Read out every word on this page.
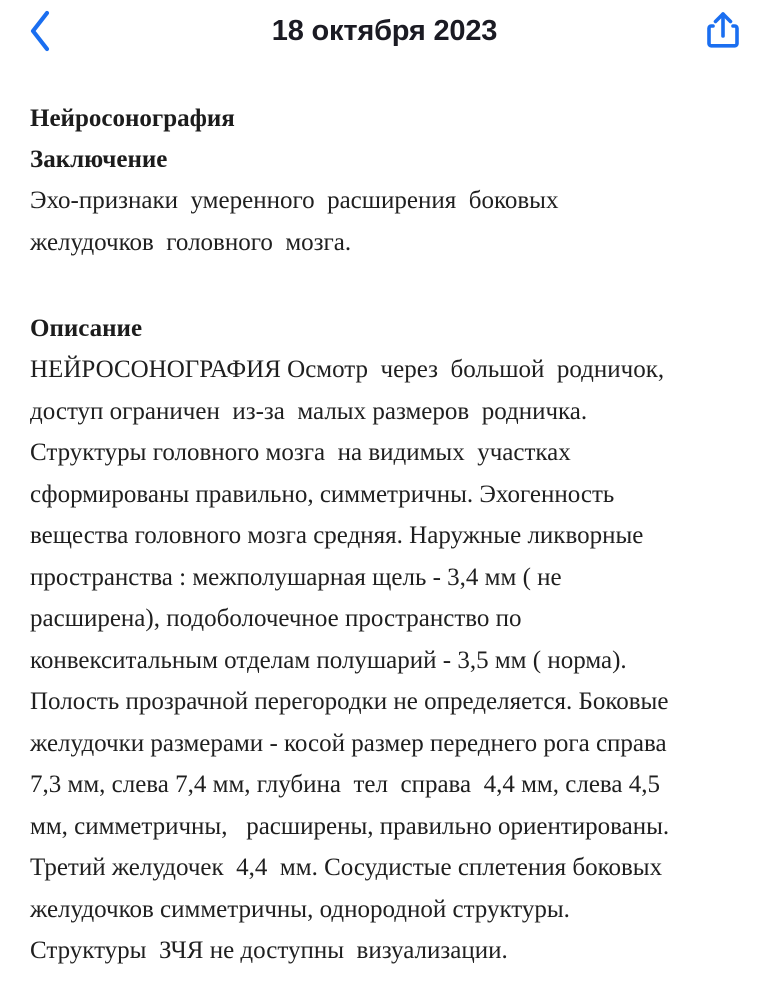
18 октября 2023

Нейросонография

Заключение

Эхо-признаки  умеренного  расширения  боковых

желудочков  головного  мозга.

Описание

НЕЙРОСОНОГРАФИЯ Осмотр  через  большой  родничок,

доступ ограничен  из-за  малых размеров  родничка.

Структуры головного мозга  на видимых  участках

сформированы правильно, симметричны. Эхогенность

вещества головного мозга средняя. Наружные ликворные

пространства : межполушарная щель - 3,4 мм ( не

расширена), подоболочечное пространство по

конвекситальным отделам полушарий - 3,5 мм ( норма).

Полость прозрачной перегородки не определяется. Боковые

желудочки размерами - косой размер переднего рога справа

7,3 мм, слева 7,4 мм, глубина  тел  справа  4,4 мм, слева 4,5

мм, симметричны,   расширены, правильно ориентированы.

Третий желудочек  4,4  мм. Сосудистые сплетения боковых

желудочков симметричны, однородной структуры.

Структуры  ЗЧЯ не доступны  визуализации.
